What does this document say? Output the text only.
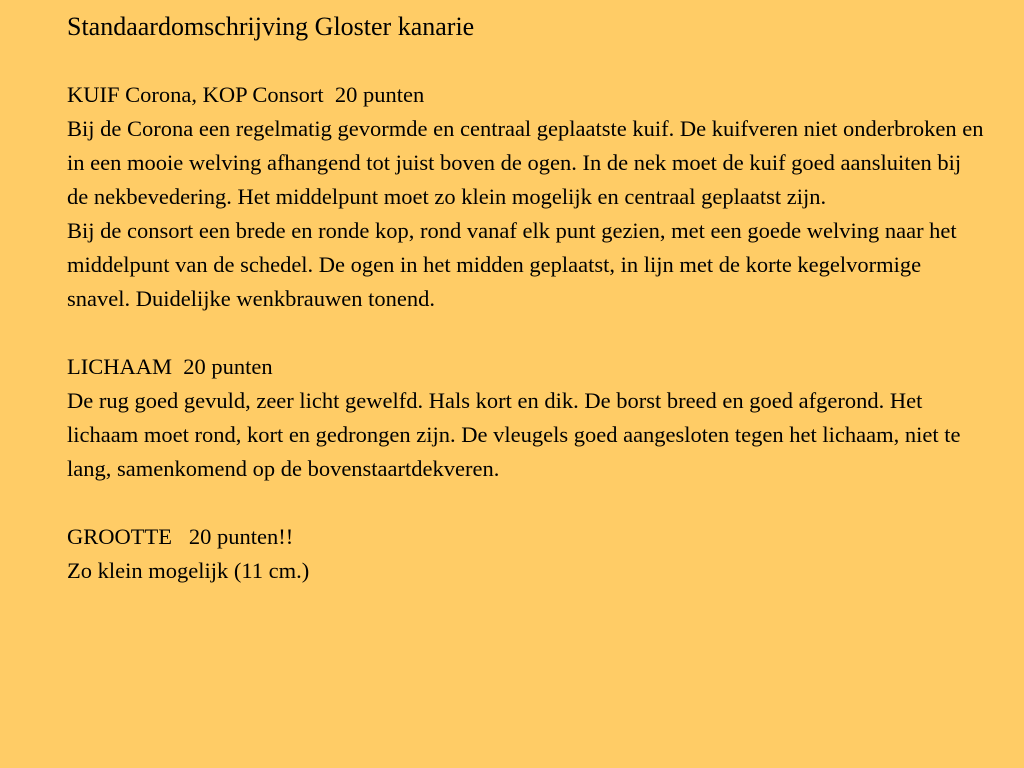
Standaardomschrijving Gloster kanarie

KUIF Corona, KOP Consort  20 punten

Bij de Corona een regelmatig gevormde en centraal geplaatste kuif. De kuifveren niet onderbroken en in een mooie welving afhangend tot juist boven de ogen. In de nek moet de kuif goed aansluiten bij de nekbevedering. Het middelpunt moet zo klein mogelijk en centraal geplaatst zijn.

Bij de consort een brede en ronde kop, rond vanaf elk punt gezien, met een goede welving naar het middelpunt van de schedel. De ogen in het midden geplaatst, in lijn met de korte kegelvormige snavel. Duidelijke wenkbrauwen tonend.

LICHAAM  20 punten

De rug goed gevuld, zeer licht gewelfd. Hals kort en dik. De borst breed en goed afgerond. Het lichaam moet rond, kort en gedrongen zijn. De vleugels goed aangesloten tegen het lichaam, niet te lang, samenkomend op de bovenstaartdekveren.

GROOTTE   20 punten!!

Zo klein mogelijk (11 cm.)
